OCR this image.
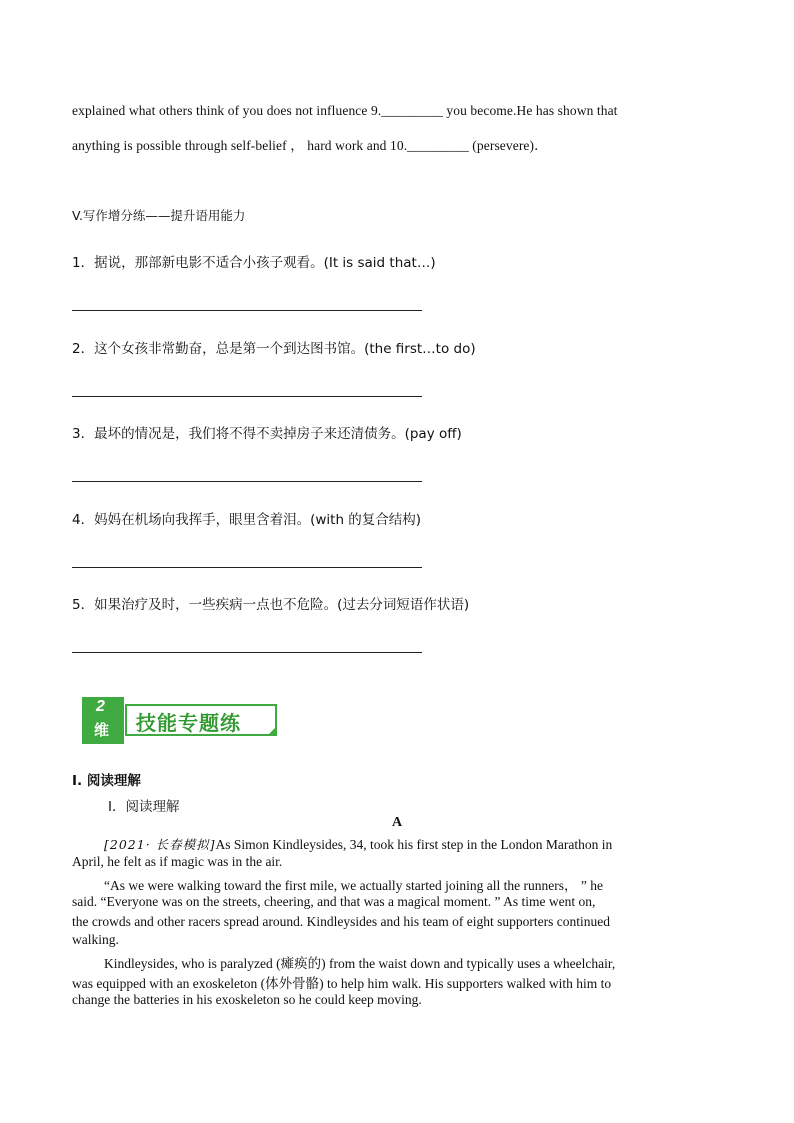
explained what others think of you does not influence 9._________ you become.He has shown that
anything is possible through self-belief ， hard work and 10._________ (persevere)．
V.写作增分练——提升语用能力
1．据说，那部新电影不适合小孩子观看。(It is said that…)
2．这个女孩非常勤奋，总是第一个到达图书馆。(the first…to do)
3．最坏的情况是，我们将不得不卖掉房子来还清债务。(pay off)
4．妈妈在机场向我挥手，眼里含着泪。(with 的复合结构)
5．如果治疗及时，一些疾病一点也不危险。(过去分词短语作状语)
2
维 技能专题练
I. 阅读理解
Ⅰ．阅读理解
A
[2021· 长春模拟]As Simon Kindleysides, 34, took his first step in the London Marathon in
April, he felt as if magic was in the air.
“As we were walking toward the first mile, we actually started joining all the runners， ” he
said. “Everyone was on the streets, cheering, and that was a magical moment. ” As time went on,
the crowds and other racers spread around. Kindleysides and his team of eight supporters continued
walking.
Kindleysides, who is paralyzed (瘫痪的) from the waist down and typically uses a wheelchair,
was equipped with an exoskeleton (体外骨骼) to help him walk. His supporters walked with him to
change the batteries in his exoskeleton so he could keep moving.
